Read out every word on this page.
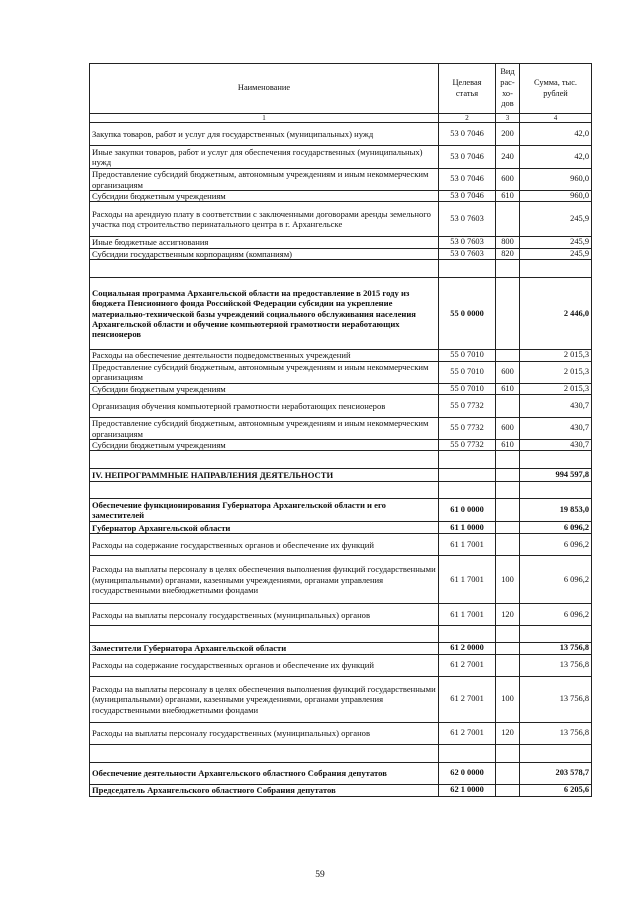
Наименование	Целевая статья	Вид рас-хо-дов	Сумма, тыс. рублей
1	2	3	4
Закупка товаров, работ и услуг для государственных (муниципальных) нужд	53 0 7046	200	42,0
Иные закупки товаров, работ и услуг для обеспечения государственных (муниципальных) нужд	53 0 7046	240	42,0
Предоставление субсидий бюджетным, автономным учреждениям и иным некоммерческим организациям	53 0 7046	600	960,0
Субсидии бюджетным учреждениям	53 0 7046	610	960,0
Расходы на арендную плату в соответствии с заключенными договорами аренды земельного участка под строительство перинатального центра в г. Архангельске	53 0 7603		245,9
Иные бюджетные ассигнования	53 0 7603	800	245,9
Субсидии государственным корпорациям (компаниям)	53 0 7603	820	245,9

Социальная программа Архангельской области на предоставление в 2015 году из бюджета Пенсионного фонда Российской Федерации субсидии на укрепление материально-технической базы учреждений социального обслуживания населения Архангельской области и обучение компьютерной грамотности неработающих пенсионеров	55 0 0000		2 446,0
Расходы на обеспечение деятельности подведомственных учреждений	55 0 7010		2 015,3
Предоставление субсидий бюджетным, автономным учреждениям и иным некоммерческим организациям	55 0 7010	600	2 015,3
Субсидии бюджетным учреждениям	55 0 7010	610	2 015,3
Организация обучения компьютерной грамотности неработающих пенсионеров	55 0 7732		430,7
Предоставление субсидий бюджетным, автономным учреждениям и иным некоммерческим организациям	55 0 7732	600	430,7
Субсидии бюджетным учреждениям	55 0 7732	610	430,7

IV. НЕПРОГРАММНЫЕ НАПРАВЛЕНИЯ ДЕЯТЕЛЬНОСТИ			994 597,8

Обеспечение функционирования Губернатора Архангельской области и его заместителей	61 0 0000		19 853,0
Губернатор Архангельской области	61 1 0000		6 096,2
Расходы на содержание государственных органов и обеспечение их функций	61 1 7001		6 096,2
Расходы на выплаты персоналу в целях обеспечения выполнения функций государственными (муниципальными) органами, казенными учреждениями, органами управления государственными внебюджетными фондами	61 1 7001	100	6 096,2
Расходы на выплаты персоналу государственных (муниципальных) органов	61 1 7001	120	6 096,2

Заместители Губернатора Архангельской области	61 2 0000		13 756,8
Расходы на содержание государственных органов и обеспечение их функций	61 2 7001		13 756,8
Расходы на выплаты персоналу в целях обеспечения выполнения функций государственными (муниципальными) органами, казенными учреждениями, органами управления государственными внебюджетными фондами	61 2 7001	100	13 756,8
Расходы на выплаты персоналу государственных (муниципальных) органов	61 2 7001	120	13 756,8

Обеспечение деятельности Архангельского областного Собрания депутатов	62 0 0000		203 578,7
Председатель Архангельского областного Собрания депутатов	62 1 0000		6 205,6
59
